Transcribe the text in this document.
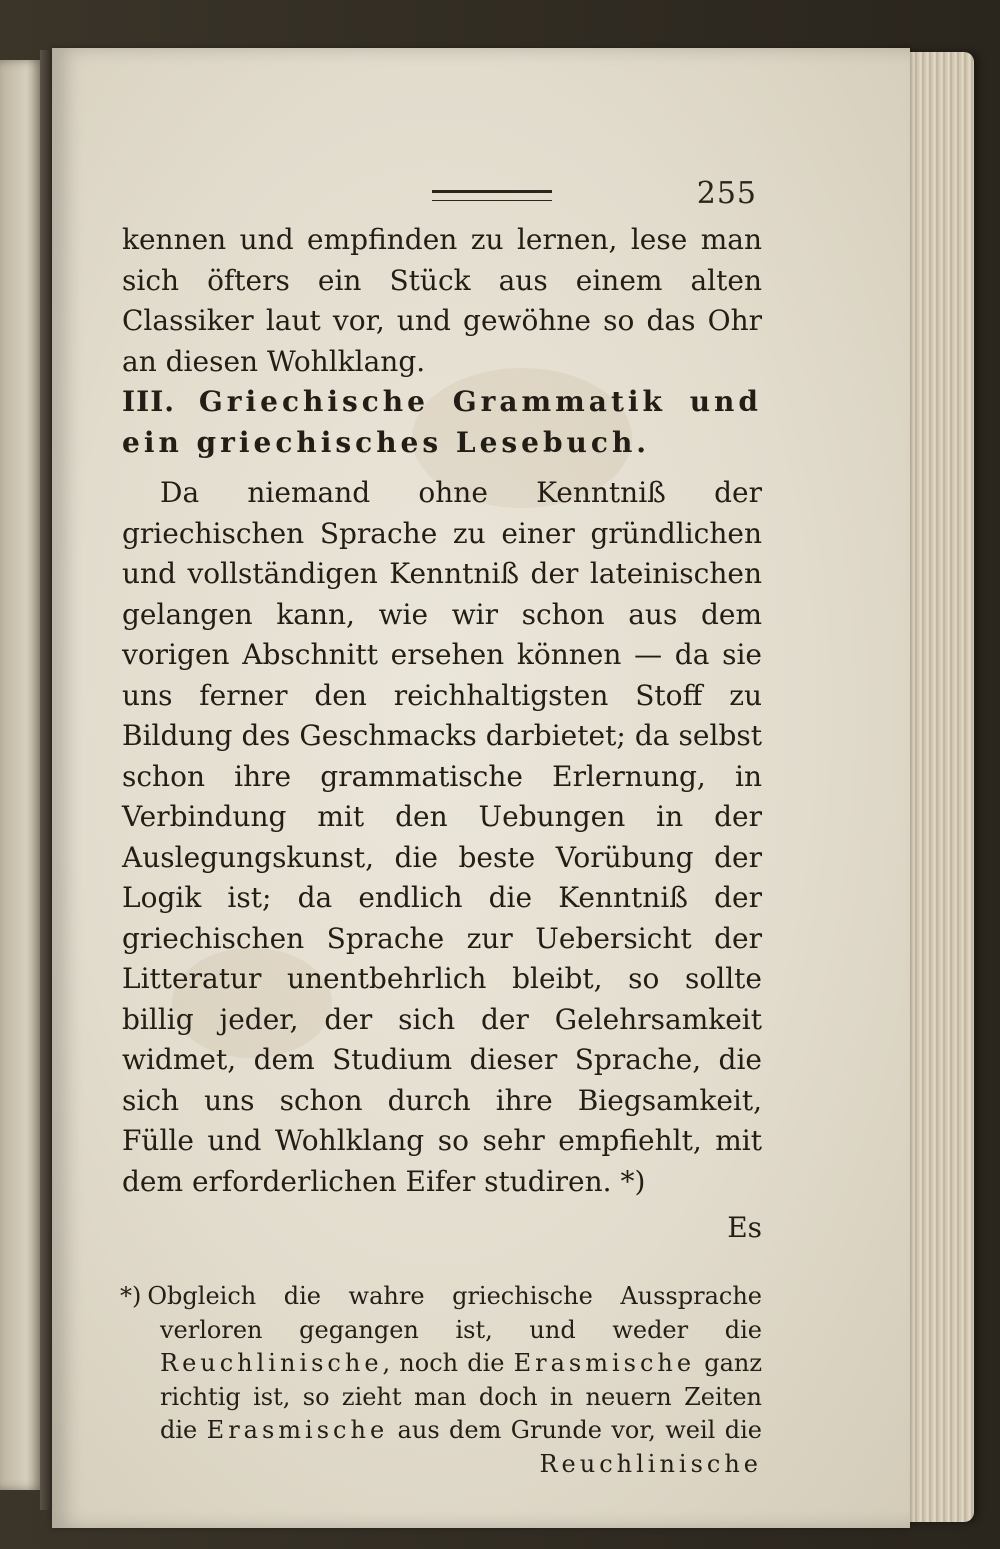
255

kennen und empfinden zu lernen, lese man sich öfters ein Stück aus einem alten Classiker laut vor, und gewöhne so das Ohr an diesen Wohlklang.

III. Griechische Grammatik und ein griechisches Lesebuch.

Da niemand ohne Kenntniß der griechischen Sprache zu einer gründlichen und vollständigen Kenntniß der lateinischen gelangen kann, wie wir schon aus dem vorigen Abschnitt ersehen können — da sie uns ferner den reichhaltigsten Stoff zu Bildung des Geschmacks darbietet; da selbst schon ihre grammatische Erlernung, in Verbindung mit den Uebungen in der Auslegungskunst, die beste Vorübung der Logik ist; da endlich die Kenntniß der griechischen Sprache zur Uebersicht der Litteratur unentbehrlich bleibt, so sollte billig jeder, der sich der Gelehrsamkeit widmet, dem Studium dieser Sprache, die sich uns schon durch ihre Biegsamkeit, Fülle und Wohlklang so sehr empfiehlt, mit dem erforderlichen Eifer studiren. *)

Es

*) Obgleich die wahre griechische Aussprache verloren gegangen ist, und weder die Reuchlinische, noch die Erasmische ganz richtig ist, so zieht man doch in neuern Zeiten die Erasmische aus dem Grunde vor, weil die Reuchlinische
